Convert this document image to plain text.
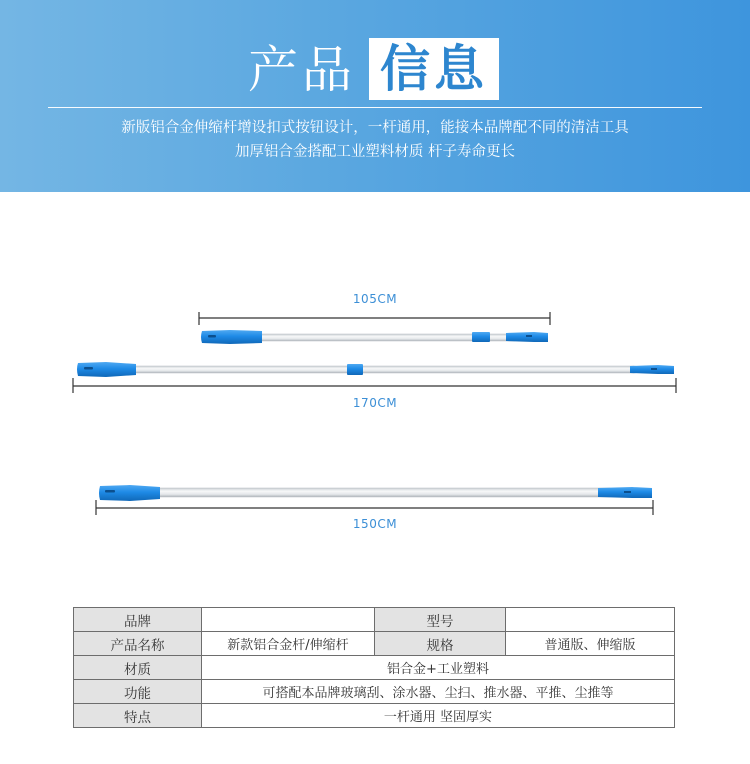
产品 信息
新版铝合金伸缩杆增设扣式按钮设计，一杆通用，能接本品牌配不同的清洁工具
加厚铝合金搭配工业塑料材质 杆子寿命更长
105CM
170CM
150CM
品牌		型号	
产品名称	新款铝合金杆/伸缩杆	规格	普通版、伸缩版
材质	铝合金+工业塑料		
功能	可搭配本品牌玻璃刮、涂水器、尘扫、推水器、平推、尘推等		
特点	一杆通用 坚固厚实		
